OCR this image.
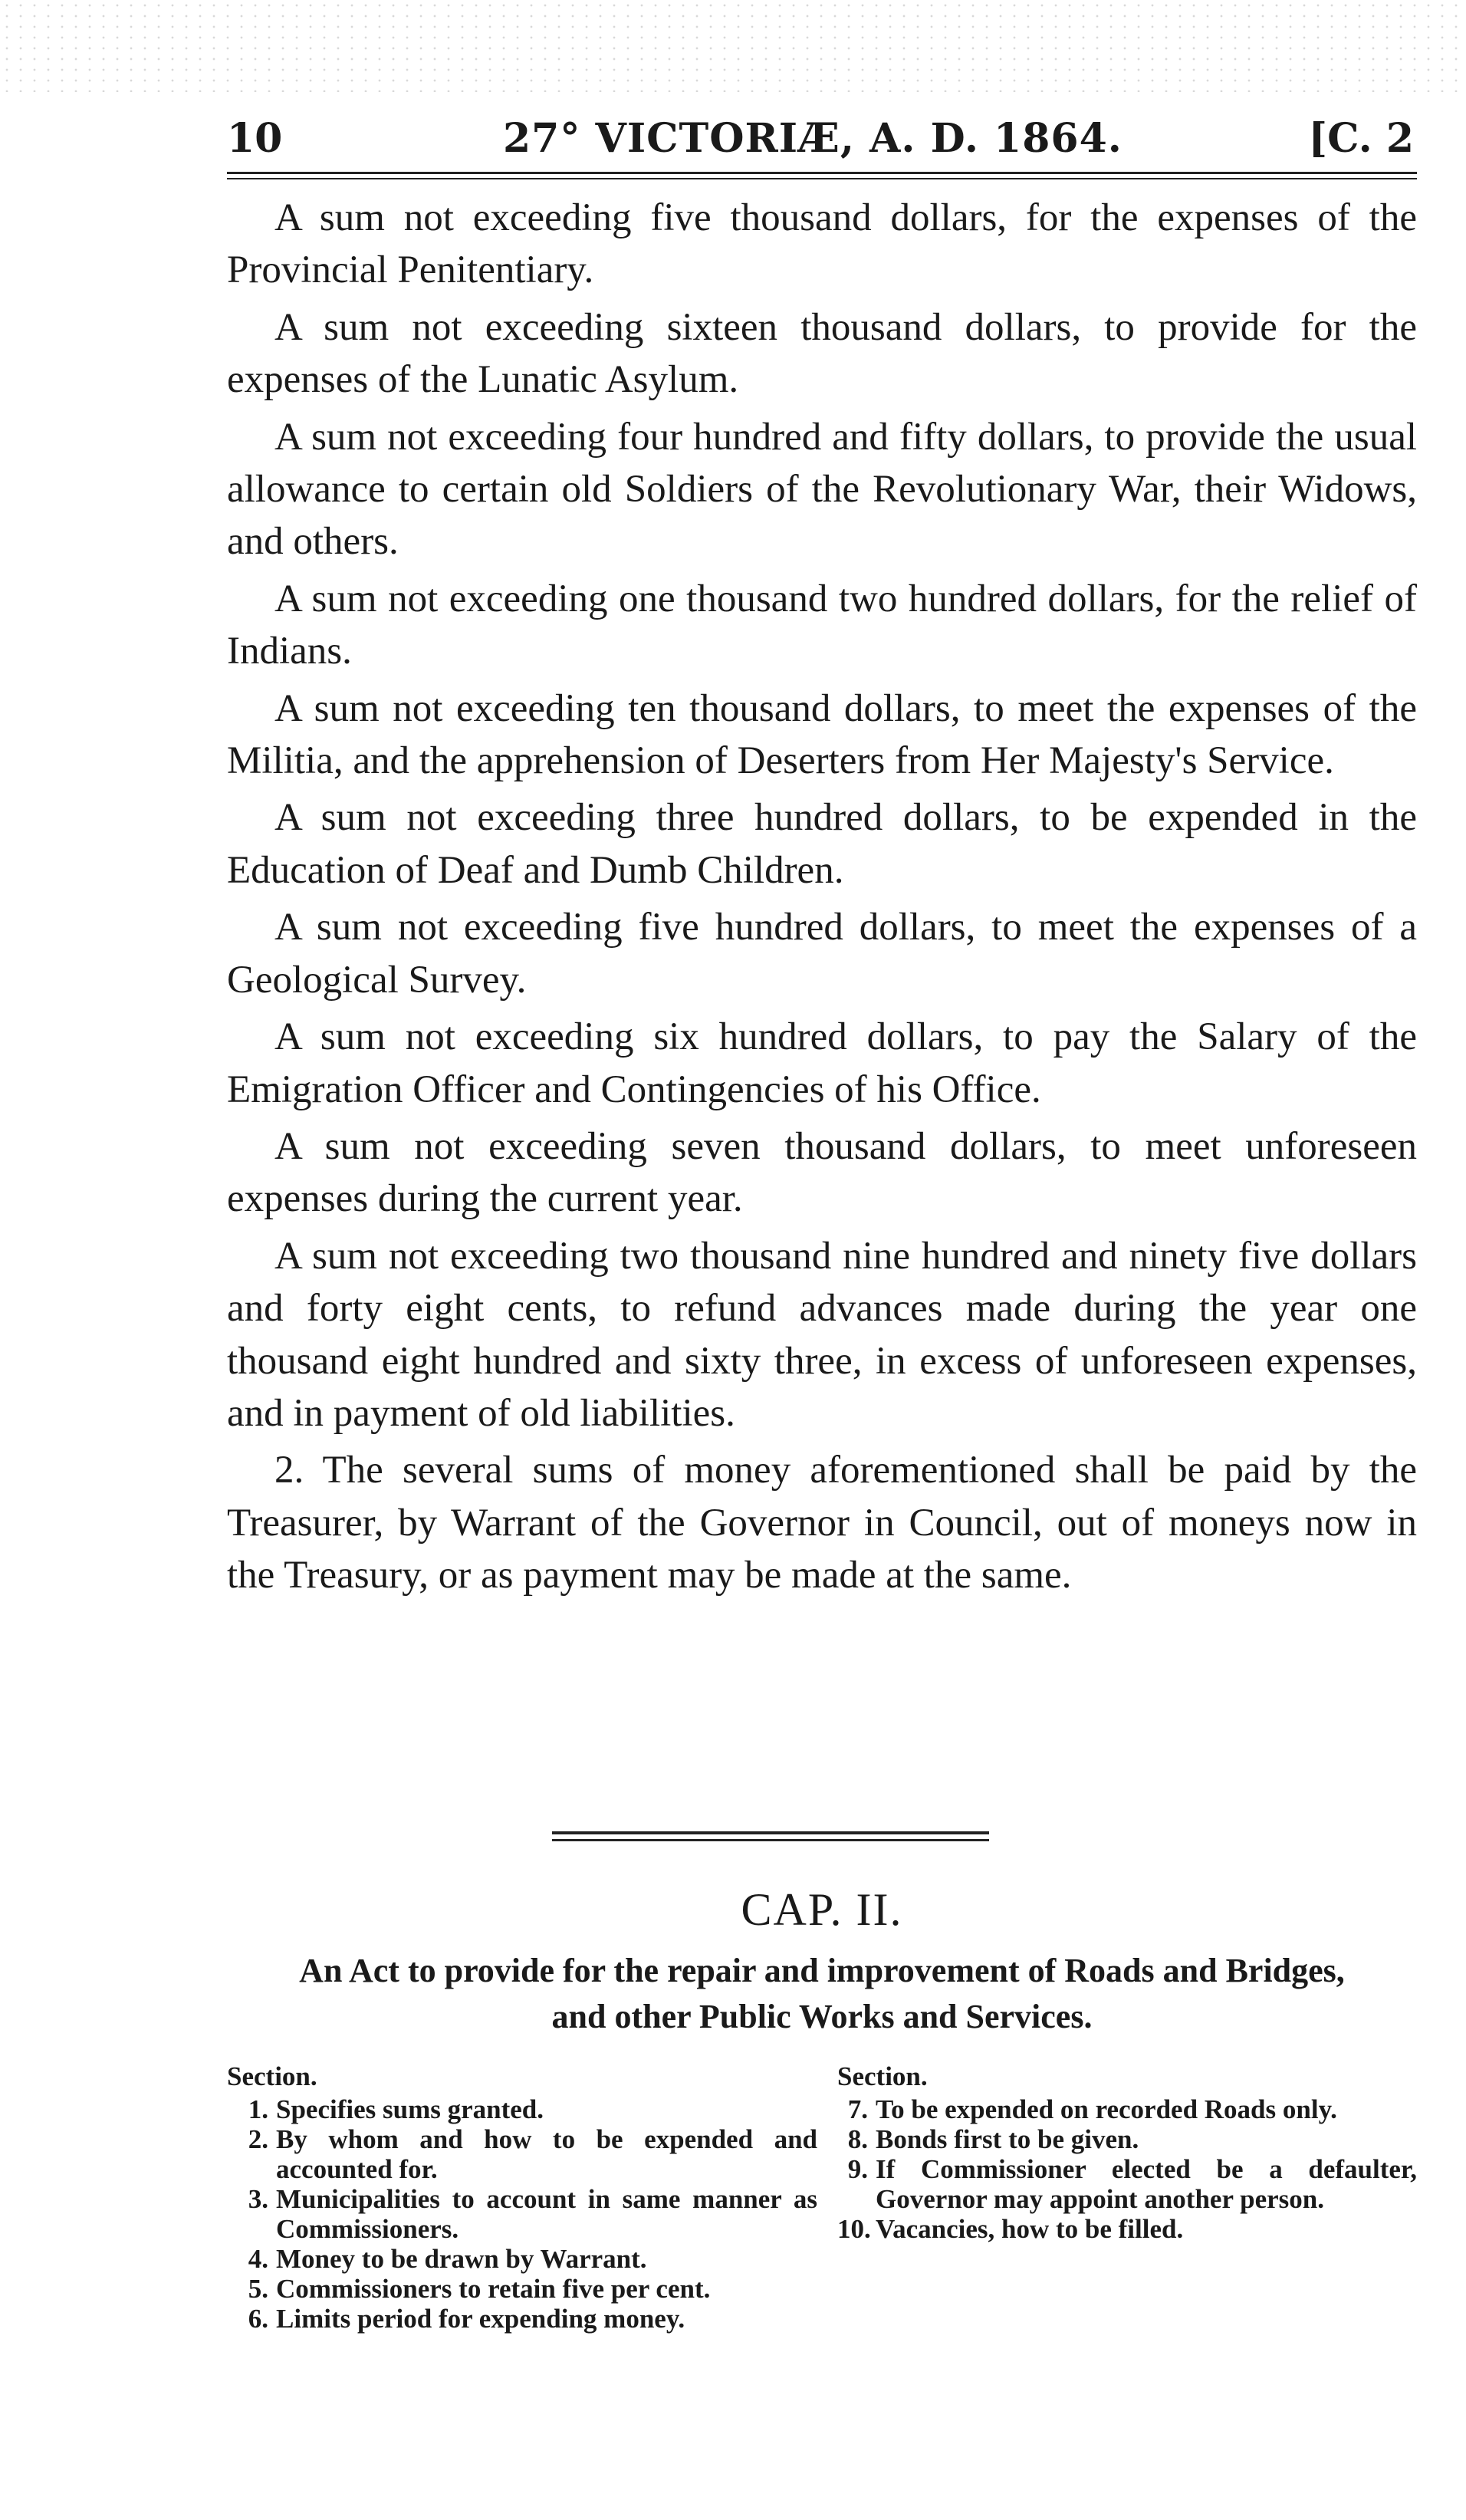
10	27° VICTORIÆ, A. D. 1864.	[C. 2

A sum not exceeding five thousand dollars, for the expenses of the Provincial Penitentiary.

A sum not exceeding sixteen thousand dollars, to provide for the expenses of the Lunatic Asylum.

A sum not exceeding four hundred and fifty dollars, to provide the usual allowance to certain old Soldiers of the Revolutionary War, their Widows, and others.

A sum not exceeding one thousand two hundred dollars, for the relief of Indians.

A sum not exceeding ten thousand dollars, to meet the expenses of the Militia, and the apprehension of Deserters from Her Majesty's Service.

A sum not exceeding three hundred dollars, to be expended in the Education of Deaf and Dumb Children.

A sum not exceeding five hundred dollars, to meet the expenses of a Geological Survey.

A sum not exceeding six hundred dollars, to pay the Salary of the Emigration Officer and Contingencies of his Office.

A sum not exceeding seven thousand dollars, to meet unforeseen expenses during the current year.

A sum not exceeding two thousand nine hundred and ninety five dollars and forty eight cents, to refund advances made during the year one thousand eight hundred and sixty three, in excess of unforeseen expenses, and in payment of old liabilities.

2. The several sums of money aforementioned shall be paid by the Treasurer, by Warrant of the Governor in Council, out of moneys now in the Treasury, or as payment may be made at the same.

CAP. II.
An Act to provide for the repair and improvement of Roads and Bridges,
and other Public Works and Services.
Section.
1. Specifies sums granted.
2. By whom and how to be expended and accounted for.
3. Municipalities to account in same manner as Commissioners.
4. Money to be drawn by Warrant.
5. Commissioners to retain five per cent.
6. Limits period for expending money.
Section.
7. To be expended on recorded Roads only.
8. Bonds first to be given.
9. If Commissioner elected be a defaulter, Governor may appoint another person.
10. Vacancies, how to be filled.
